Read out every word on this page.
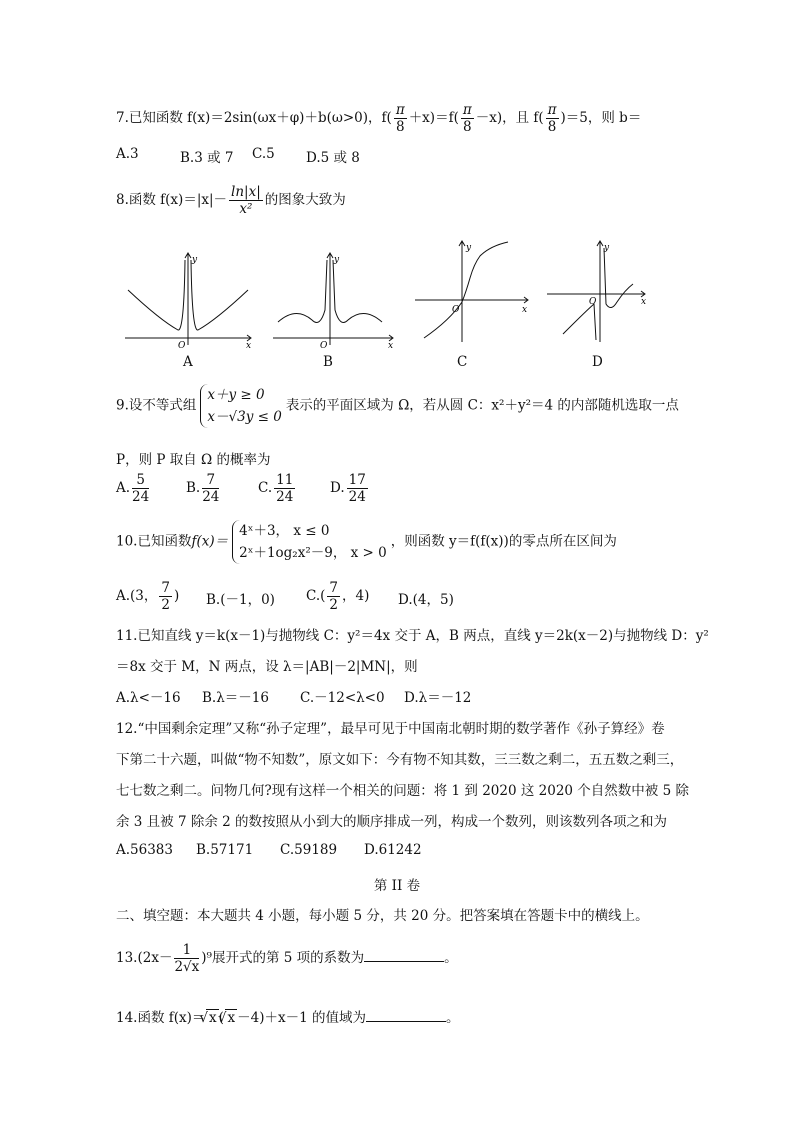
7.已知函数 f(x)＝2sin(ωx＋φ)＋b(ω>0)，$f( \frac{\pi}{8} +x)=f( \frac{\pi}{8} -x)$，且 $f( \frac{\pi}{8} )=5$，则 b＝
A.3	B.3 或 7 C.5 D.5 或 8
8.函数 $f(x)=|x|- \frac{\ln|x|}{\text{x²}}$ 的图象大致为
y
x
O
A
y
x
O
B
y
x
O
C
y
x
O
D
9.设不等式组
x＋y ≥ 0
x－√3y ≤ 0
表示的平面区域为 Ω，若从圆 C：x²＋y²＝4 的内部随机选取一点
P，则 P 取自 Ω 的概率为
A. $\frac{5}{24}$	B. $\frac{7}{24}$	C. $\frac{11}{24}$	D. $\frac{17}{24}$
10.已知函数f(x)＝
4ˣ＋3， x ≤ 0
2ˣ＋1og₂x²－9， x > 0
，则函数 y＝f(f(x))的零点所在区间为
A.(3， $\frac{7}{2}$ ) B.(－1，0) $C.( \frac{7}{2}$ ，4) D.(4，5)
11.已知直线 y＝k(x－1)与抛物线 C：y²＝4x 交于 A，B 两点，直线 y＝2k(x－2)与抛物线 D：y²
＝8x 交于 M，N 两点，设 λ＝|AB|－2|MN|，则
A.λ<－16 B.λ＝－16 C.－12<λ<0 D.λ＝－12
12.“中国剩余定理”又称“孙子定理”，最早可见于中国南北朝时期的数学著作《孙子算经》卷
下第二十六题，叫做“物不知数”，原文如下：今有物不知其数，三三数之剩二，五五数之剩三，
七七数之剩二。问物几何?现有这样一个相关的问题：将 1 到 2020 这 2020 个自然数中被 5 除
余 3 且被 7 除余 2 的数按照从小到大的顺序排成一列，构成一个数列，则该数列各项之和为
A.56383 B.57171 C.59189 D.61242
第 II 卷
二、填空题：本大题共 4 小题，每小题 5 分，共 20 分。把答案填在答题卡中的横线上。
$13.(2x- \frac{1}{2√x} )^9$展开式的第 5 项的系数为	。
14.函数 f(x)＝ √ x ( √ x －4)＋x－1 的值域为	。
